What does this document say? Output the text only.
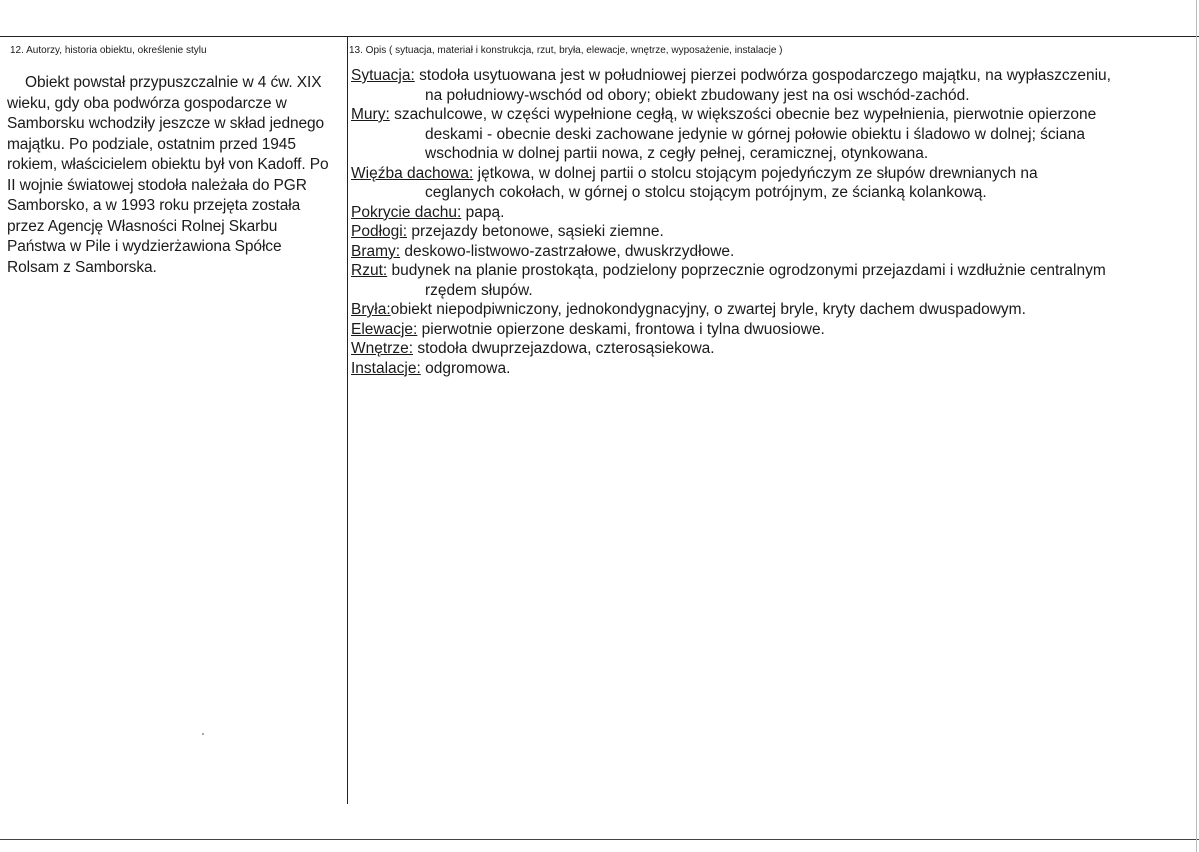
12. Autorzy, historia obiektu, określenie stylu

Obiekt powstał przypuszczalnie w 4 ćw. XIX wieku, gdy oba podwórza gospodarcze w Samborsku wchodziły jeszcze w skład jednego majątku. Po podziale, ostatnim przed 1945 rokiem, właścicielem obiektu był von Kadoff. Po II wojnie światowej stodoła należała do PGR Samborsko, a w 1993 roku przejęta została przez Agencję Własności Rolnej Skarbu Państwa w Pile i wydzierżawiona Spółce Rolsam z Samborska.

13. Opis ( sytuacja, materiał i konstrukcja, rzut, bryła, elewacje, wnętrze, wyposażenie, instalacje )

Sytuacja: stodoła usytuowana jest w południowej pierzei podwórza gospodarczego majątku, na wypłaszczeniu, na południowy-wschód od obory; obiekt zbudowany jest na osi wschód-zachód.

Mury: szachulcowe, w części wypełnione cegłą, w większości obecnie bez wypełnienia, pierwotnie opierzone deskami - obecnie deski zachowane jedynie w górnej połowie obiektu i śladowo w dolnej; ściana wschodnia w dolnej partii nowa, z cegły pełnej, ceramicznej, otynkowana.

Więźba dachowa: jętkowa, w dolnej partii o stolcu stojącym pojedyńczym ze słupów drewnianych na ceglanych cokołach, w górnej o stolcu stojącym potrójnym, ze ścianką kolankową.

Pokrycie dachu: papą.

Podłogi: przejazdy betonowe, sąsieki ziemne.

Bramy: deskowo-listwowo-zastrzałowe, dwuskrzydłowe.

Rzut: budynek na planie prostokąta, podzielony poprzecznie ogrodzonymi przejazdami i wzdłużnie centralnym rzędem słupów.

Bryła:obiekt niepodpiwniczony, jednokondygnacyjny, o zwartej bryle, kryty dachem dwuspadowym.

Elewacje: pierwotnie opierzone deskami, frontowa i tylna dwuosiowe.

Wnętrze: stodoła dwuprzejazdowa, czterosąsiekowa.

Instalacje: odgromowa.
